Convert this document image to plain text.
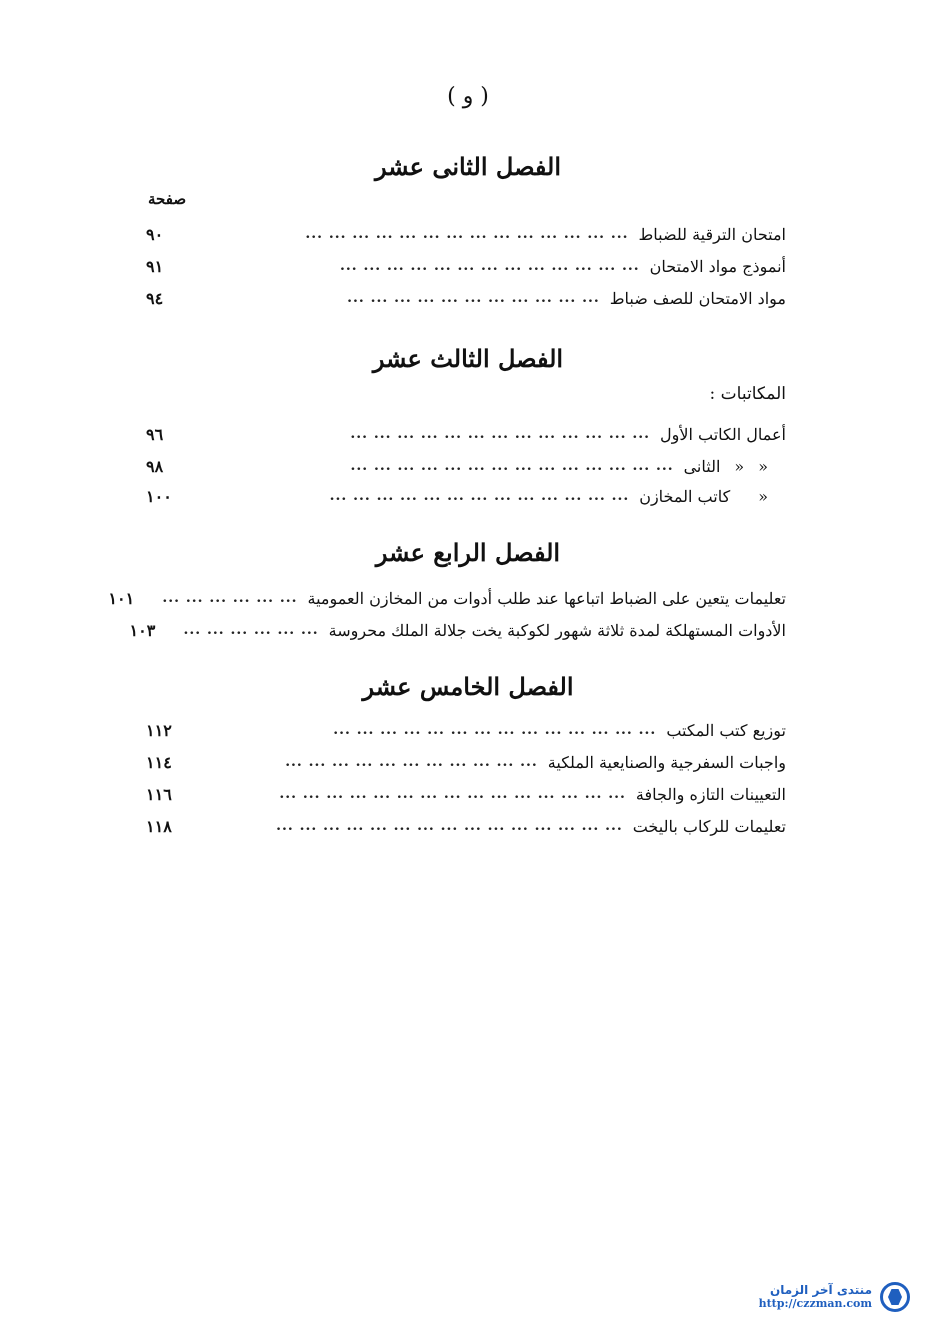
( و )
الفصل الثانى عشر
صفحة
امتحان الترقية للضباط
... ... ... ... ... ... ... ... ... ... ... ... ... ...
٩٠
أنموذج مواد الامتحان
... ... ... ... ... ... ... ... ... ... ... ... ...
٩١
مواد الامتحان للصف ضباط
... ... ... ... ... ... ... ... ... ... ...
٩٤
الفصل الثالث عشر
المكاتبات :
أعمال الكاتب الأول
... ... ... ... ... ... ... ... ... ... ... ... ...
٩٦
««الثانى
... ... ... ... ... ... ... ... ... ... ... ... ... ...
٩٨
«كاتب المخازن
... ... ... ... ... ... ... ... ... ... ... ... ...
١٠٠
الفصل الرابع عشر
تعليمات يتعين على الضباط اتباعها عند طلب أدوات من المخازن العمومية
... ... ... ... ... ...
١٠١
الأدوات المستهلكة لمدة ثلاثة شهور لكوكبة يخت جلالة الملك محروسة
... ... ... ... ... ...
١٠٣
الفصل الخامس عشر
توزيع كتب المكتب
... ... ... ... ... ... ... ... ... ... ... ... ... ...
١١٢
واجبات السفرجية والصنايعية الملكية
... ... ... ... ... ... ... ... ... ... ...
١١٤
التعيينات التازه والجافة
... ... ... ... ... ... ... ... ... ... ... ... ... ... ...
١١٦
تعليمات للركاب باليخت
... ... ... ... ... ... ... ... ... ... ... ... ... ... ...
١١٨
منتدى آخر الزمان
http://czzman.com
